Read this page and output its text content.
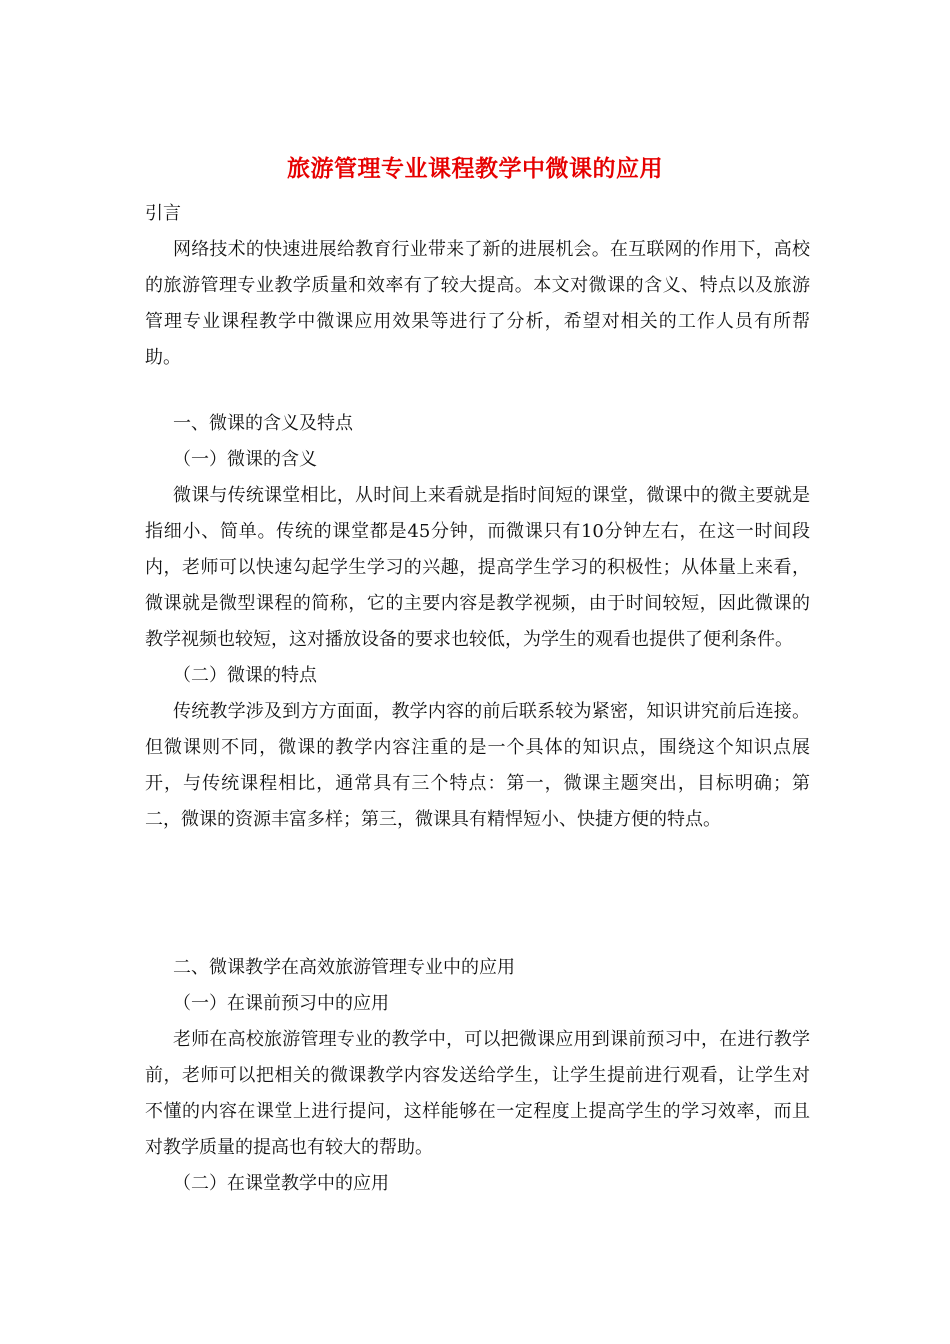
旅游管理专业课程教学中微课的应用
引言
网络技术的快速进展给教育行业带来了新的进展机会。在互联网的作用下，高校的旅游管理专业教学质量和效率有了较大提高。本文对微课的含义、特点以及旅游管理专业课程教学中微课应用效果等进行了分析，希望对相关的工作人员有所帮助。
一、微课的含义及特点
（一）微课的含义
微课与传统课堂相比，从时间上来看就是指时间短的课堂，微课中的微主要就是指细小、简单。传统的课堂都是45分钟，而微课只有10分钟左右，在这一时间段内，老师可以快速勾起学生学习的兴趣，提高学生学习的积极性；从体量上来看，微课就是微型课程的简称，它的主要内容是教学视频，由于时间较短，因此微课的教学视频也较短，这对播放设备的要求也较低，为学生的观看也提供了便利条件。
（二）微课的特点
传统教学涉及到方方面面，教学内容的前后联系较为紧密，知识讲究前后连接。但微课则不同，微课的教学内容注重的是一个具体的知识点，围绕这个知识点展开，与传统课程相比，通常具有三个特点：第一，微课主题突出，目标明确；第二，微课的资源丰富多样；第三，微课具有精悍短小、快捷方便的特点。
二、微课教学在高效旅游管理专业中的应用
（一）在课前预习中的应用
老师在高校旅游管理专业的教学中，可以把微课应用到课前预习中，在进行教学前，老师可以把相关的微课教学内容发送给学生，让学生提前进行观看，让学生对不懂的内容在课堂上进行提问，这样能够在一定程度上提高学生的学习效率，而且对教学质量的提高也有较大的帮助。
（二）在课堂教学中的应用
